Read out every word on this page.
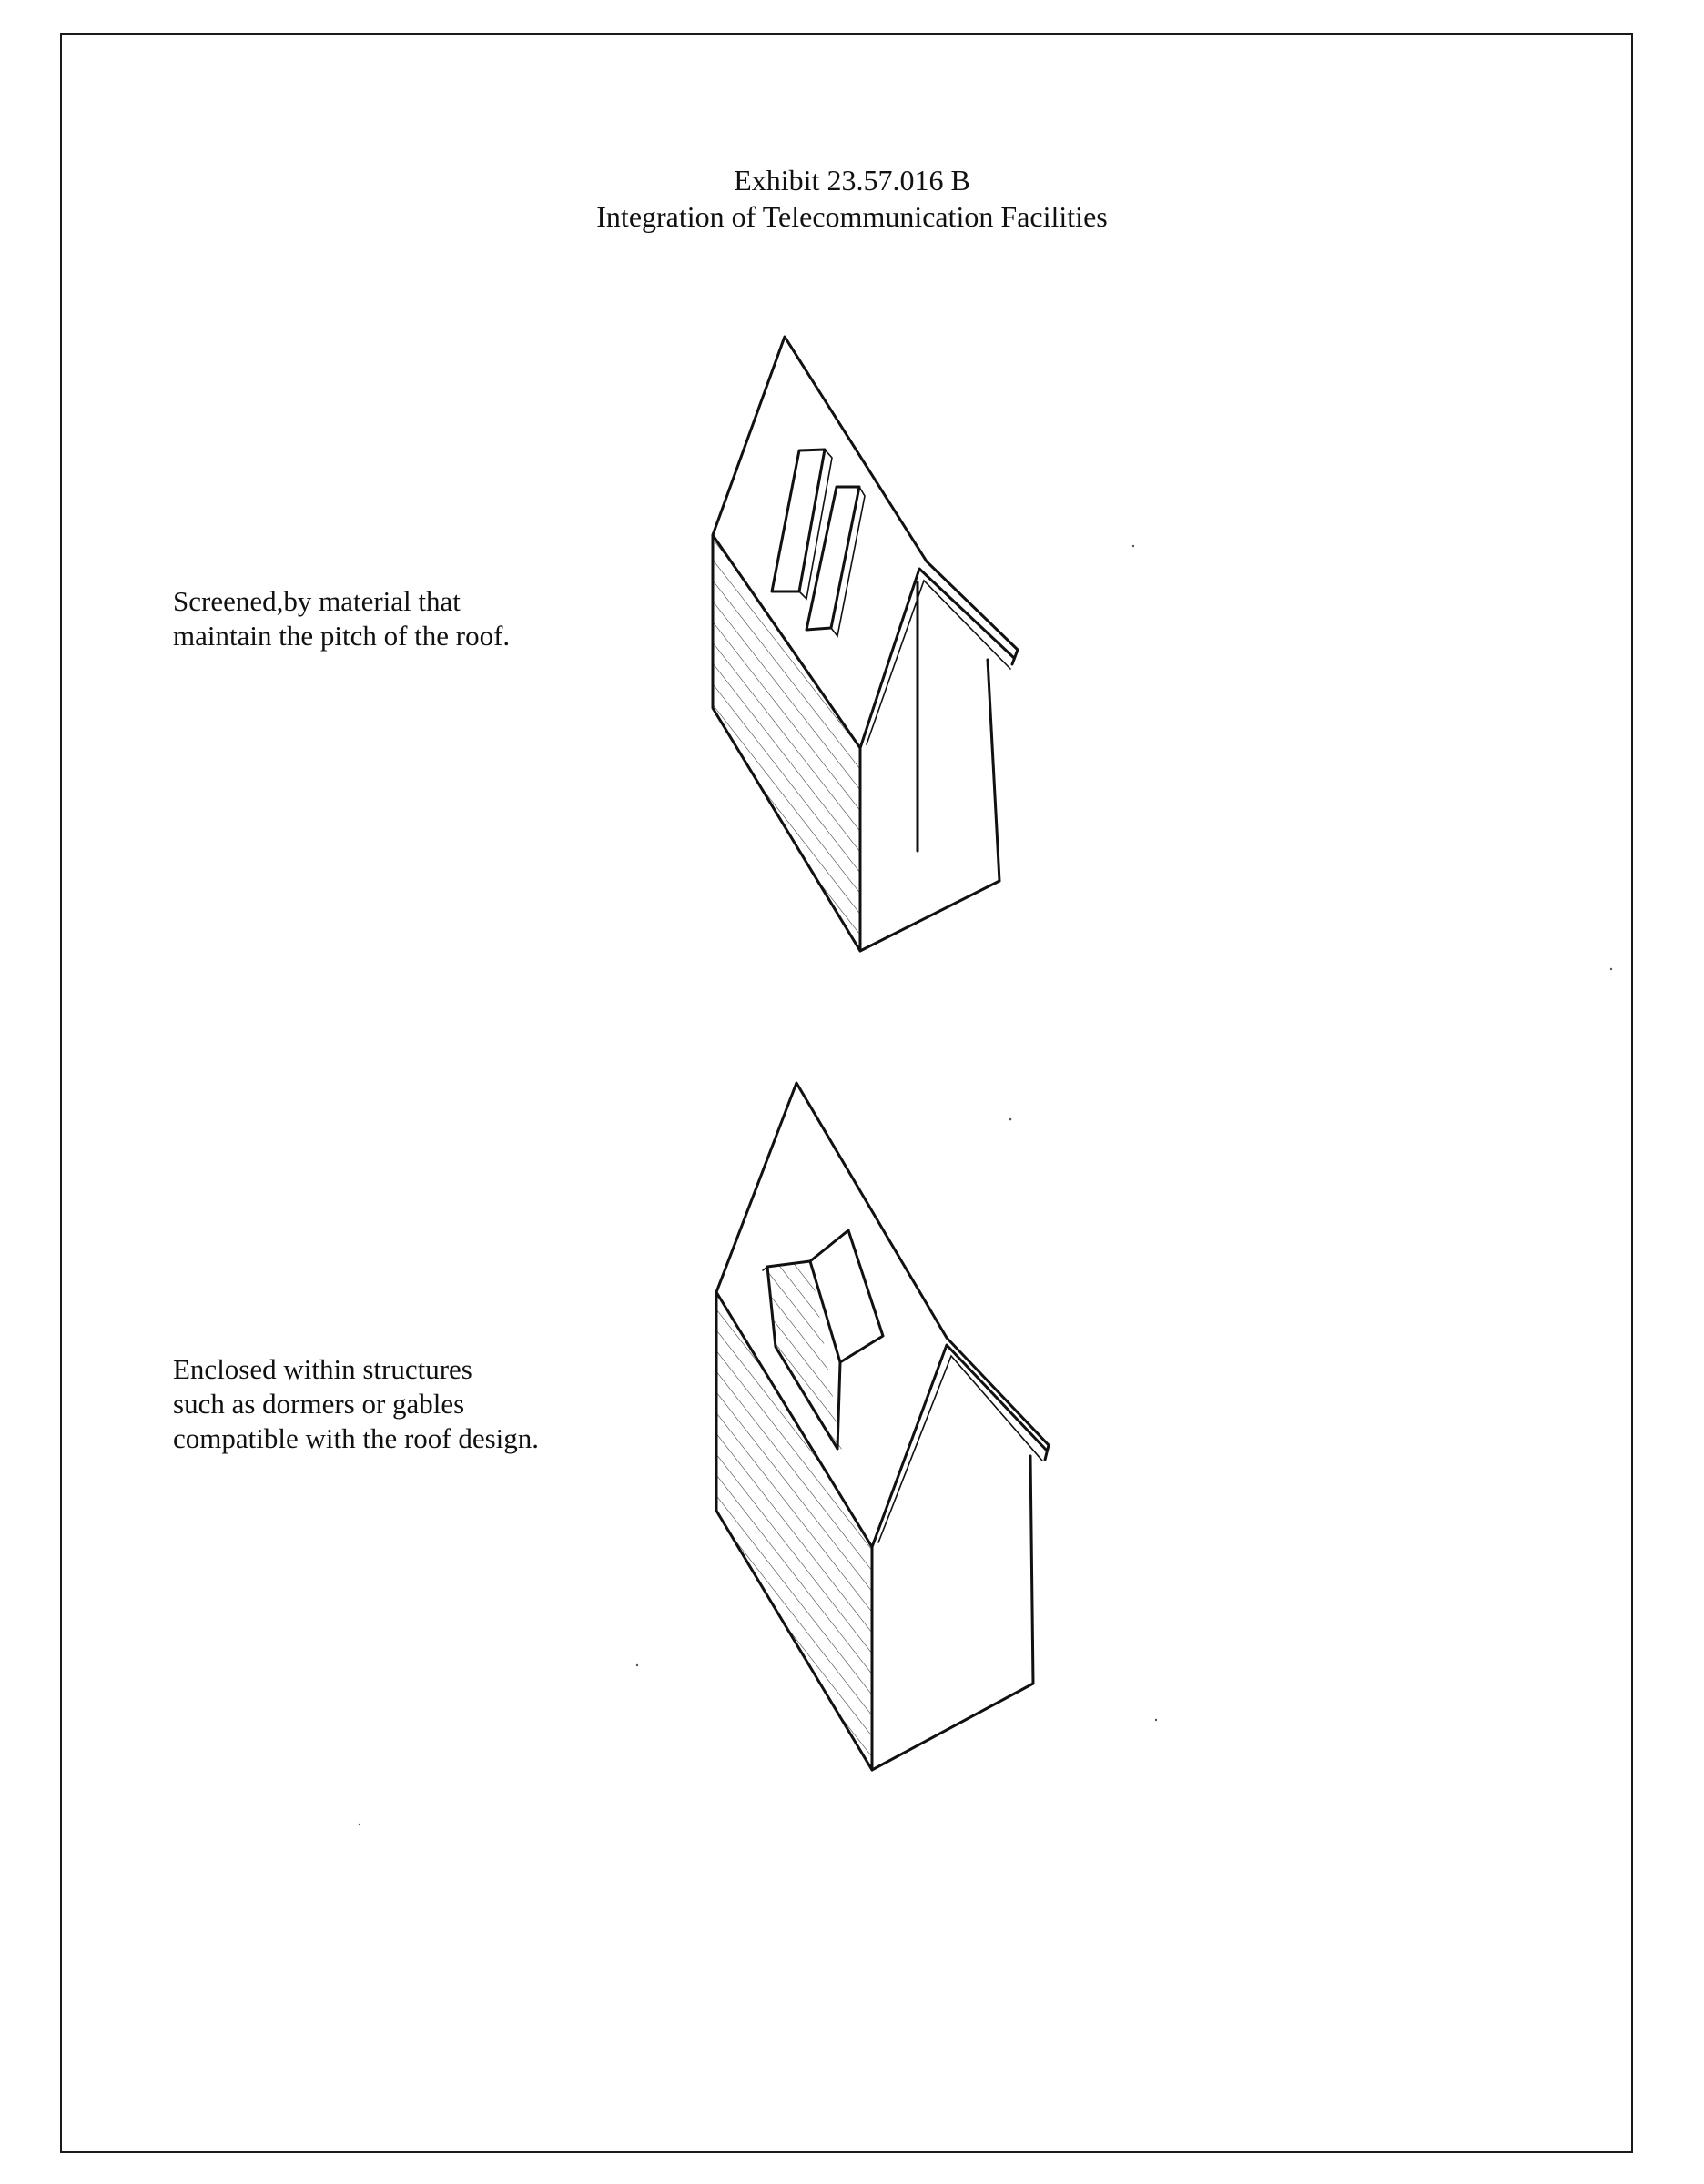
Exhibit 23.57.016 B
Integration of Telecommunication Facilities
Screened,by material that
maintain the pitch of the roof.
Enclosed within structures
such as dormers or gables
compatible with the roof design.
